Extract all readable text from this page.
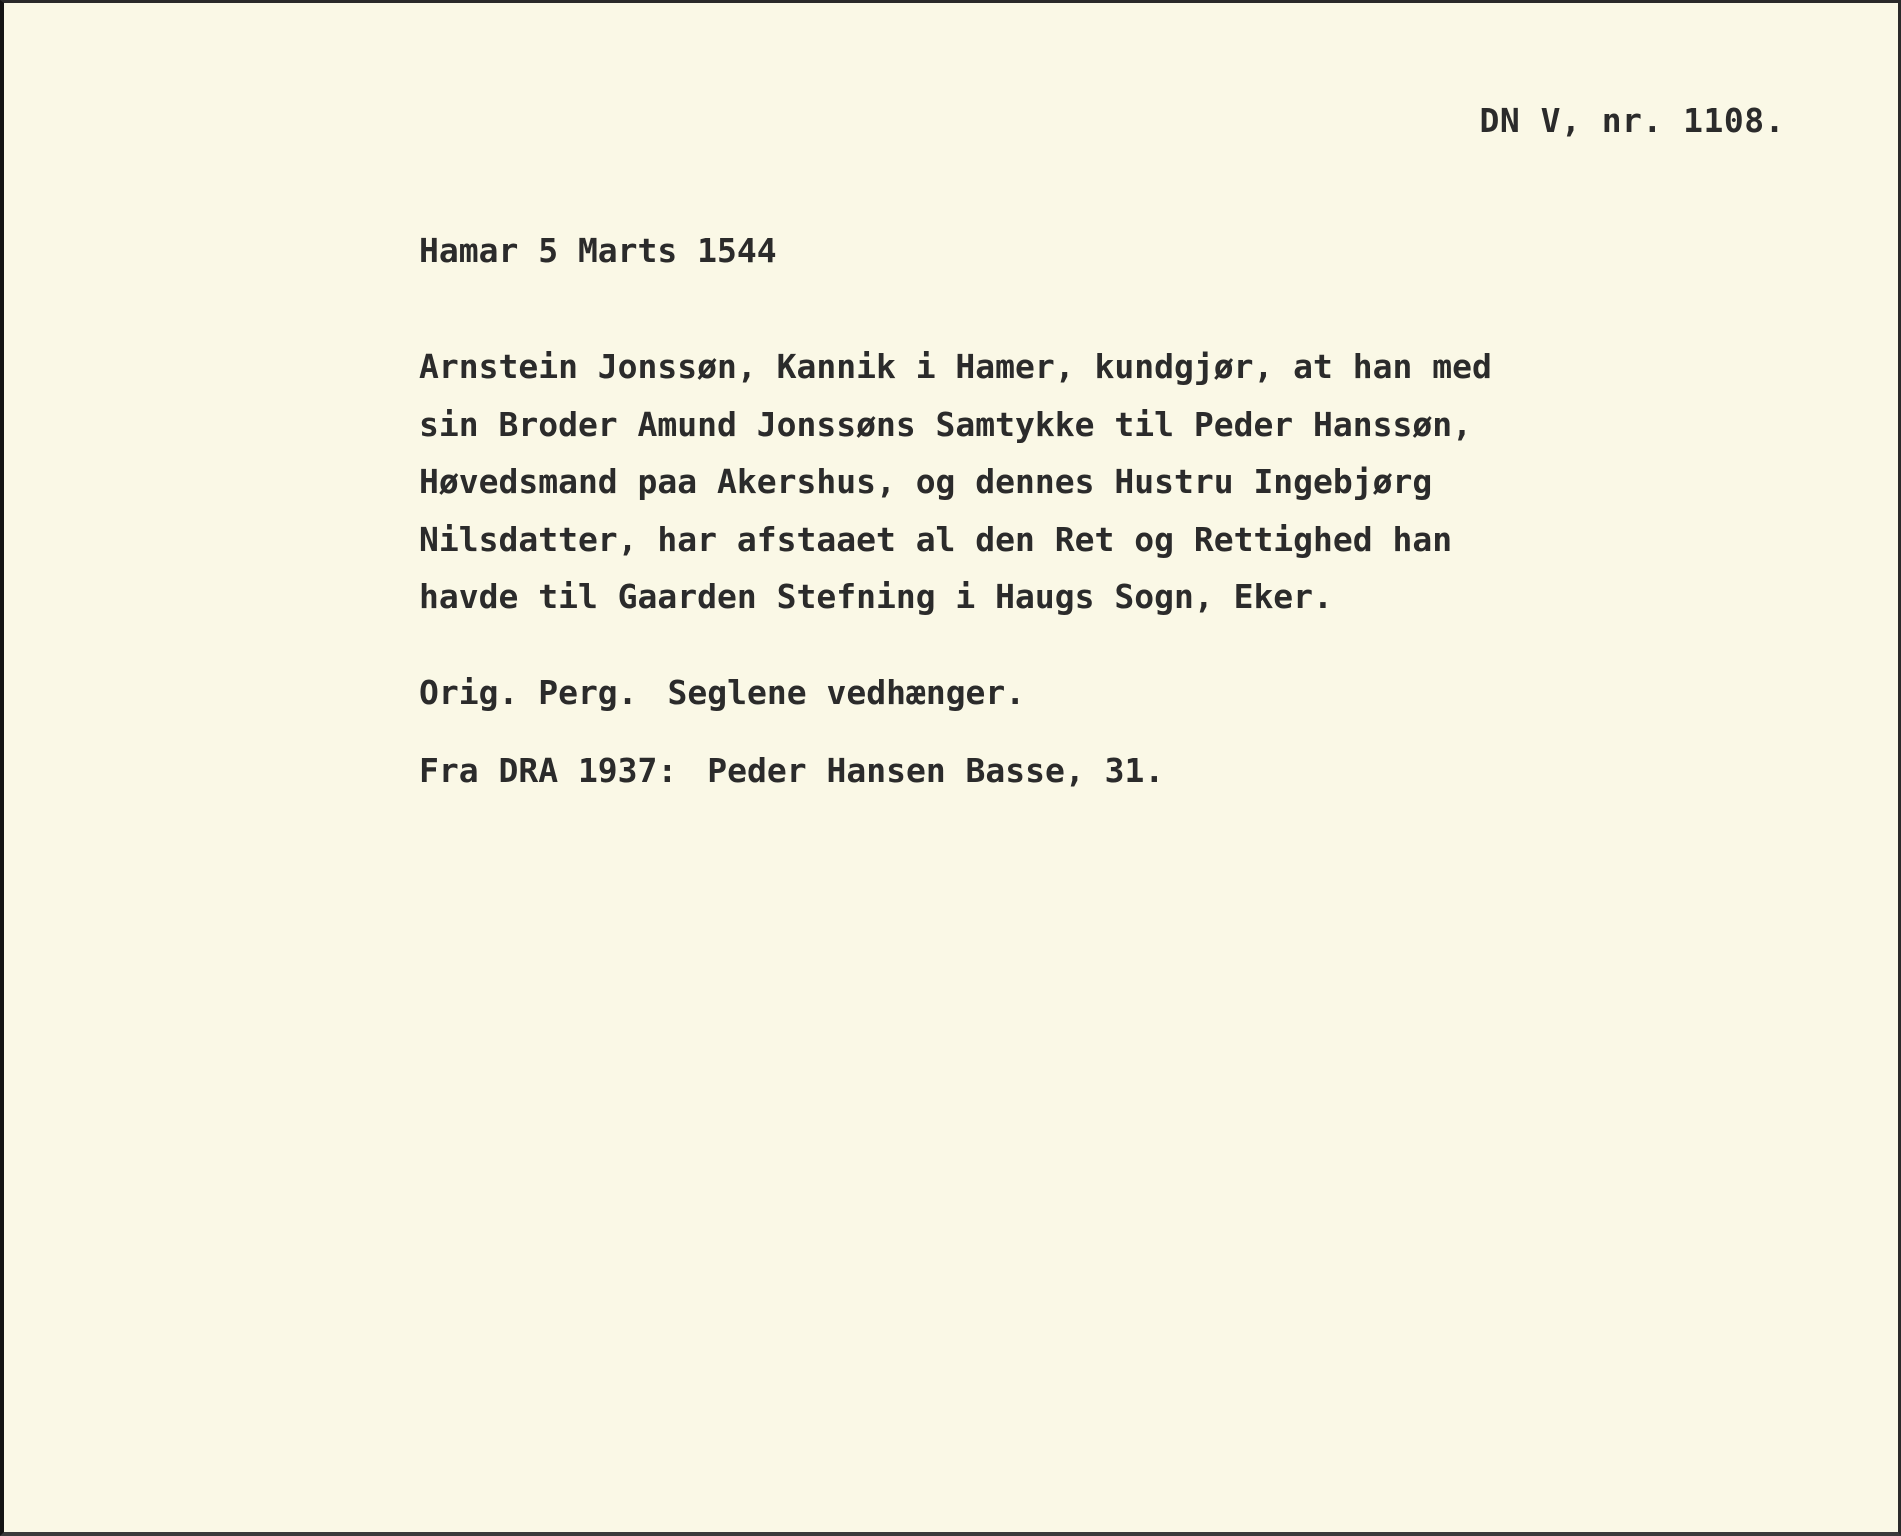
DN V, nr. 1108.
Hamar 5 Marts 1544
Arnstein Jonssøn, Kannik i Hamer, kundgjør, at han med
sin Broder Amund Jonssøns Samtykke til Peder Hanssøn,
Høvedsmand paa Akershus, og dennes Hustru Ingebjørg
Nilsdatter, har afstaaet al den Ret og Rettighed han
havde til Gaarden Stefning i Haugs Sogn, Eker.
Orig. Perg. Seglene vedhænger.
Fra DRA 1937: Peder Hansen Basse, 31.
